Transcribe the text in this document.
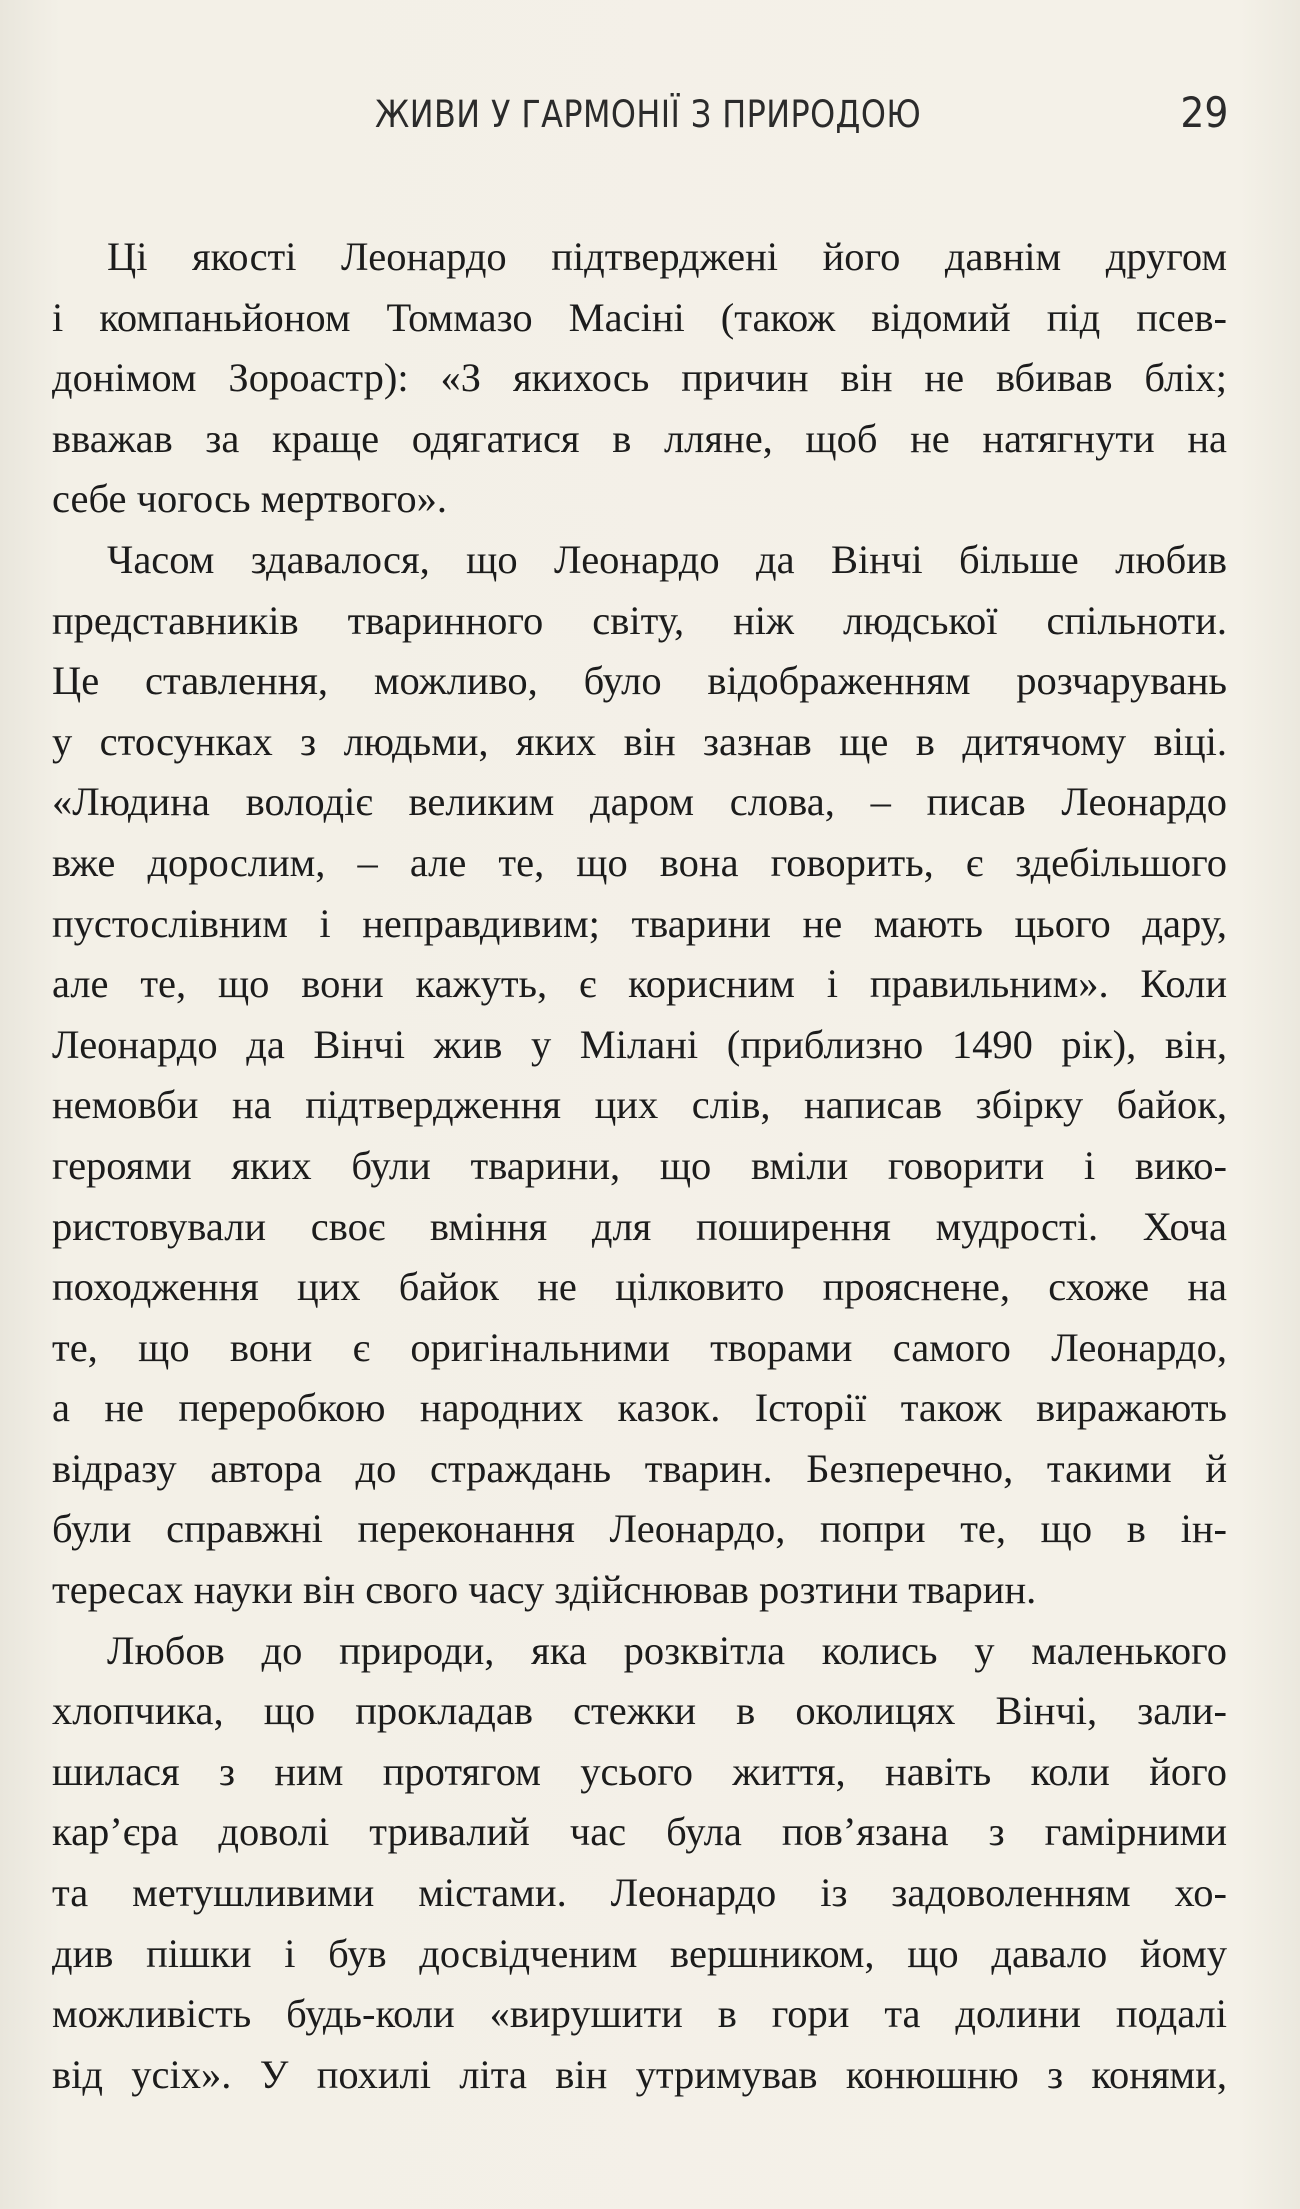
ЖИВИ У ГАРМОНІЇ З ПРИРОДОЮ	29
Ці якості Леонардо підтверджені його давнім другом
і компаньйоном Томмазо Масіні (також відомий під псев-
донімом Зороастр): «З якихось причин він не вбивав бліх;
вважав за краще одягатися в лляне, щоб не натягнути на
себе чогось мертвого».
Часом здавалося, що Леонардо да Вінчі більше любив
представників тваринного світу, ніж людської спільноти.
Це ставлення, можливо, було відображенням розчарувань
у стосунках з людьми, яких він зазнав ще в дитячому віці.
«Людина володіє великим даром слова, – писав Леонардо
вже дорослим, – але те, що вона говорить, є здебільшого
пустослівним і неправдивим; тварини не мають цього дару,
але те, що вони кажуть, є корисним і правильним». Коли
Леонардо да Вінчі жив у Мілані (приблизно 1490 рік), він,
немовби на підтвердження цих слів, написав збірку байок,
героями яких були тварини, що вміли говорити і вико-
ристовували своє вміння для поширення мудрості. Хоча
походження цих байок не цілковито прояснене, схоже на
те, що вони є оригінальними творами самого Леонардо,
а не переробкою народних казок. Історії також виражають
відразу автора до страждань тварин. Безперечно, такими й
були справжні переконання Леонардо, попри те, що в ін-
тересах науки він свого часу здійснював розтини тварин.
Любов до природи, яка розквітла колись у маленького
хлопчика, що прокладав стежки в околицях Вінчі, зали-
шилася з ним протягом усього життя, навіть коли його
кар’єра доволі тривалий час була пов’язана з гамірними
та метушливими містами. Леонардо із задоволенням хо-
див пішки і був досвідченим вершником, що давало йому
можливість будь-коли «вирушити в гори та долини подалі
від усіх». У похилі літа він утримував конюшню з конями,
